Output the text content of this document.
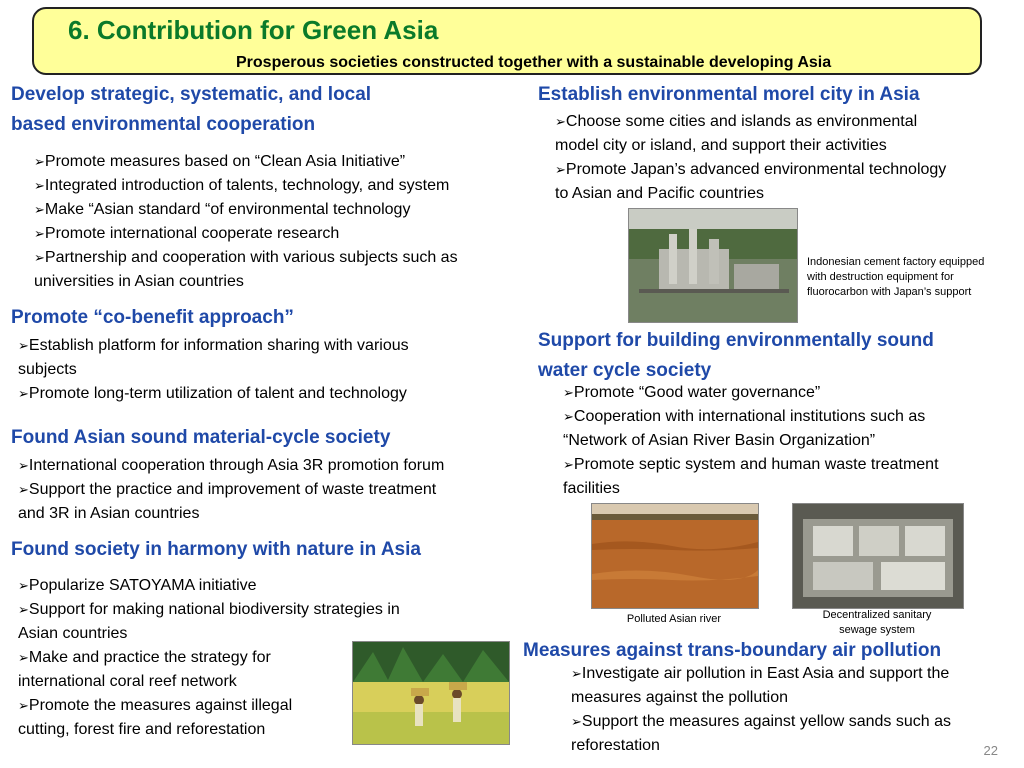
6. Contribution for Green Asia
Prosperous societies constructed together with a sustainable developing Asia
Develop strategic, systematic, and local
based environmental cooperation
➢Promote measures based on “Clean Asia Initiative”
➢Integrated introduction of talents, technology, and system
➢Make “Asian standard “of environmental technology
➢Promote international cooperate research
➢Partnership and cooperation with various subjects such as
universities in Asian countries
Promote “co-benefit approach”
➢Establish platform for information sharing with various
subjects
➢Promote long-term utilization of talent and technology
Found Asian sound material-cycle society
➢International cooperation through Asia 3R promotion forum
➢Support the practice and improvement of waste treatment
and 3R in Asian countries
Found society in harmony with nature in Asia
➢Popularize SATOYAMA initiative
➢Support for making national biodiversity strategies in
Asian countries
➢Make and practice the strategy for
international coral reef network
➢Promote the measures against illegal
cutting, forest fire and reforestation
Establish environmental morel city in Asia
➢Choose some cities and islands as environmental
model city or island, and support their activities
➢Promote Japan’s advanced environmental technology
to Asian and Pacific countries
Indonesian cement factory equipped
with destruction equipment for
fluorocarbon with Japan’s support
Support for building environmentally sound
water cycle society
➢Promote “Good water governance”
➢Cooperation with international institutions such as
“Network of Asian River Basin Organization”
➢Promote septic system and human waste treatment
facilities
Polluted Asian river	Decentralized sanitary
sewage system
Measures against trans-boundary air pollution
➢Investigate air pollution in East Asia and support the
measures against the pollution
➢Support the measures against yellow sands such as
reforestation	22
